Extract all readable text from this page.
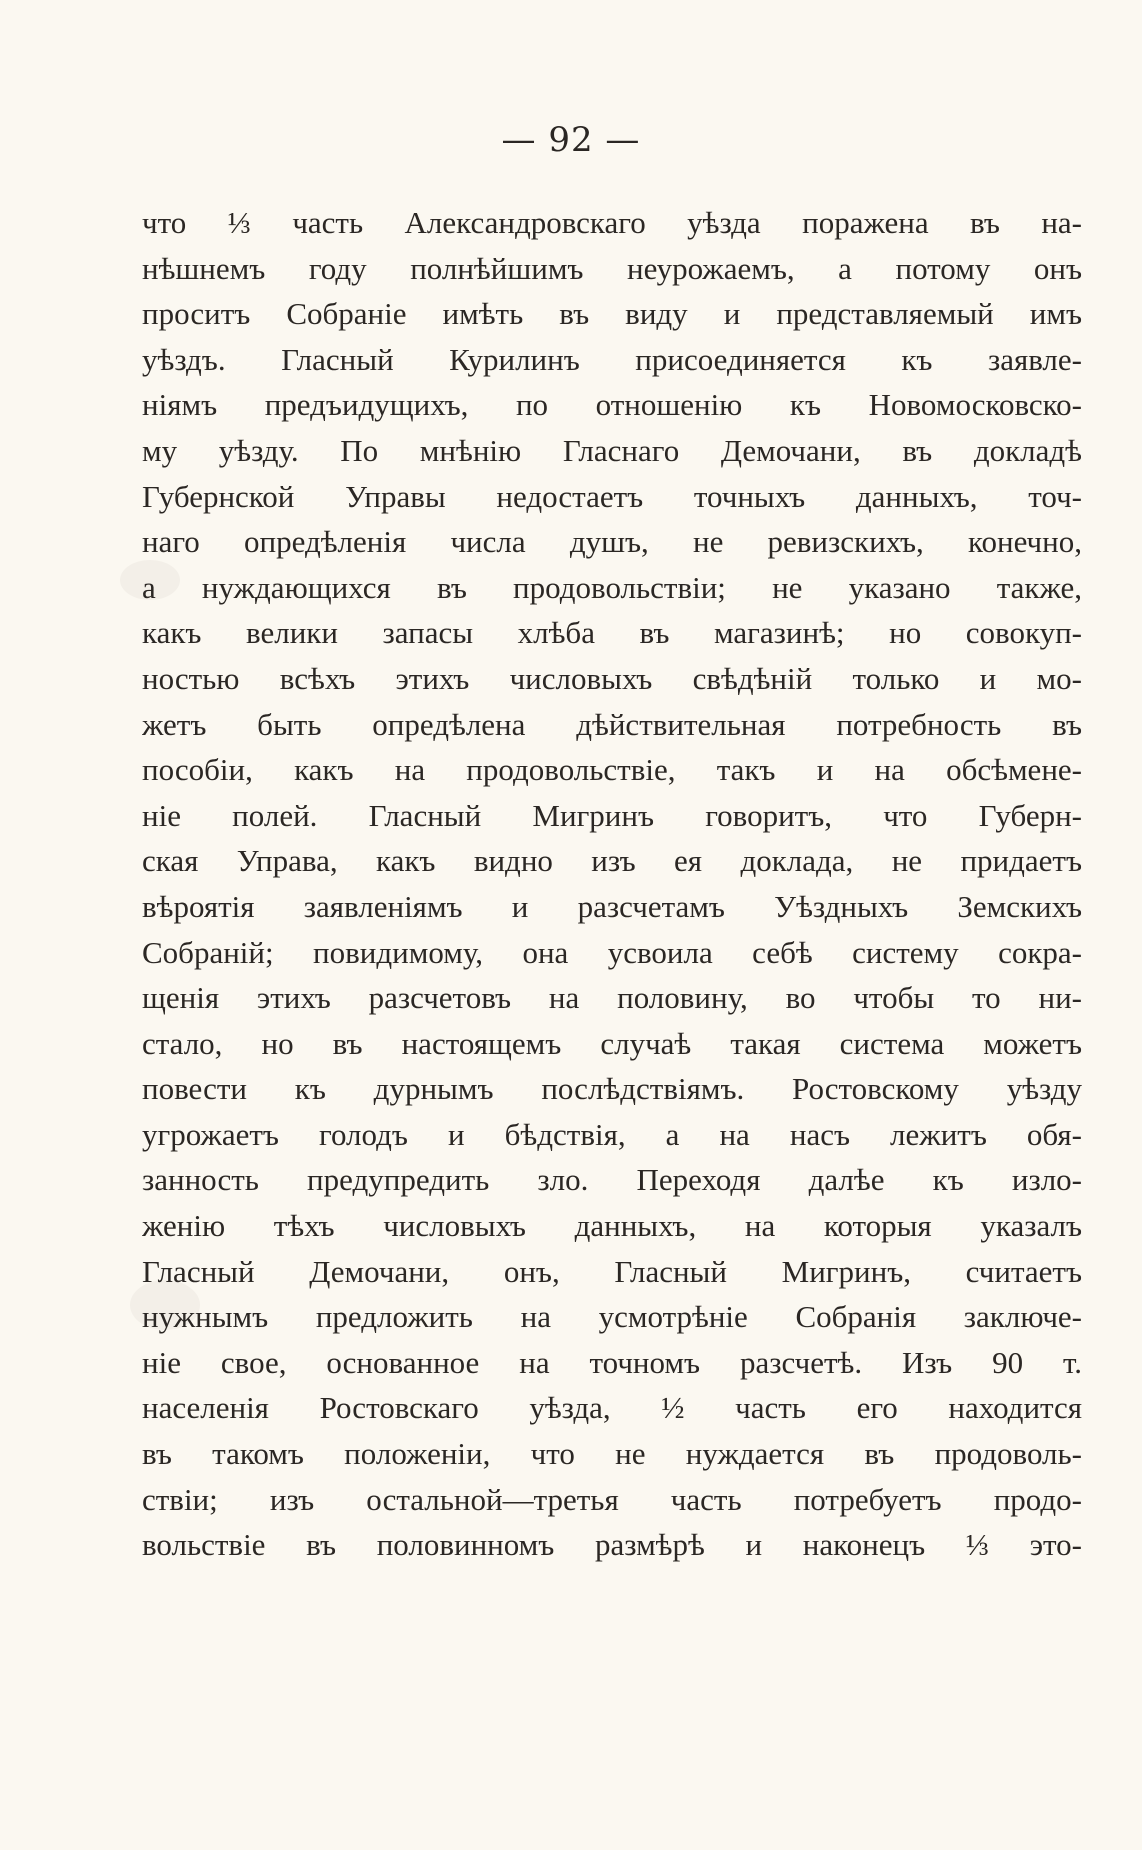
— 92 —
что ⅓ часть Александровскаго уѣзда поражена въ на-
нѣшнемъ году полнѣйшимъ неурожаемъ, а потому онъ
проситъ Собраніе имѣть въ виду и представляемый имъ
уѣздъ. Гласный Курилинъ присоединяется къ заявле-
ніямъ предъидущихъ, по отношенію къ Новомосковско-
му уѣзду. По мнѣнію Гласнаго Демочани, въ докладѣ
Губернской Управы недостаетъ точныхъ данныхъ, точ-
наго опредѣленія числа душъ, не ревизскихъ, конечно,
а нуждающихся въ продовольствіи; не указано также,
какъ велики запасы хлѣба въ магазинѣ; но совокуп-
ностью всѣхъ этихъ числовыхъ свѣдѣній только и мо-
жетъ быть опредѣлена дѣйствительная потребность въ
пособіи, какъ на продовольствіе, такъ и на обсѣмене-
ніе полей. Гласный Мигринъ говоритъ, что Губерн-
ская Управа, какъ видно изъ ея доклада, не придаетъ
вѣроятія заявленіямъ и разсчетамъ Уѣздныхъ Земскихъ
Собраній; повидимому, она усвоила себѣ систему сокра-
щенія этихъ разсчетовъ на половину, во чтобы то ни-
стало, но въ настоящемъ случаѣ такая система можетъ
повести къ дурнымъ послѣдствіямъ. Ростовскому уѣзду
угрожаетъ голодъ и бѣдствія, а на насъ лежитъ обя-
занность предупредить зло. Переходя далѣе къ изло-
женію тѣхъ числовыхъ данныхъ, на которыя указалъ
Гласный Демочани, онъ, Гласный Мигринъ, считаетъ
нужнымъ предложить на усмотрѣніе Собранія заключе-
ніе свое, основанное на точномъ разсчетѣ. Изъ 90 т.
населенія Ростовскаго уѣзда, ½ часть его находится
въ такомъ положеніи, что не нуждается въ продоволь-
ствіи; изъ остальной—третья часть потребуетъ продо-
вольствіе въ половинномъ размѣрѣ и наконецъ ⅓ это-
